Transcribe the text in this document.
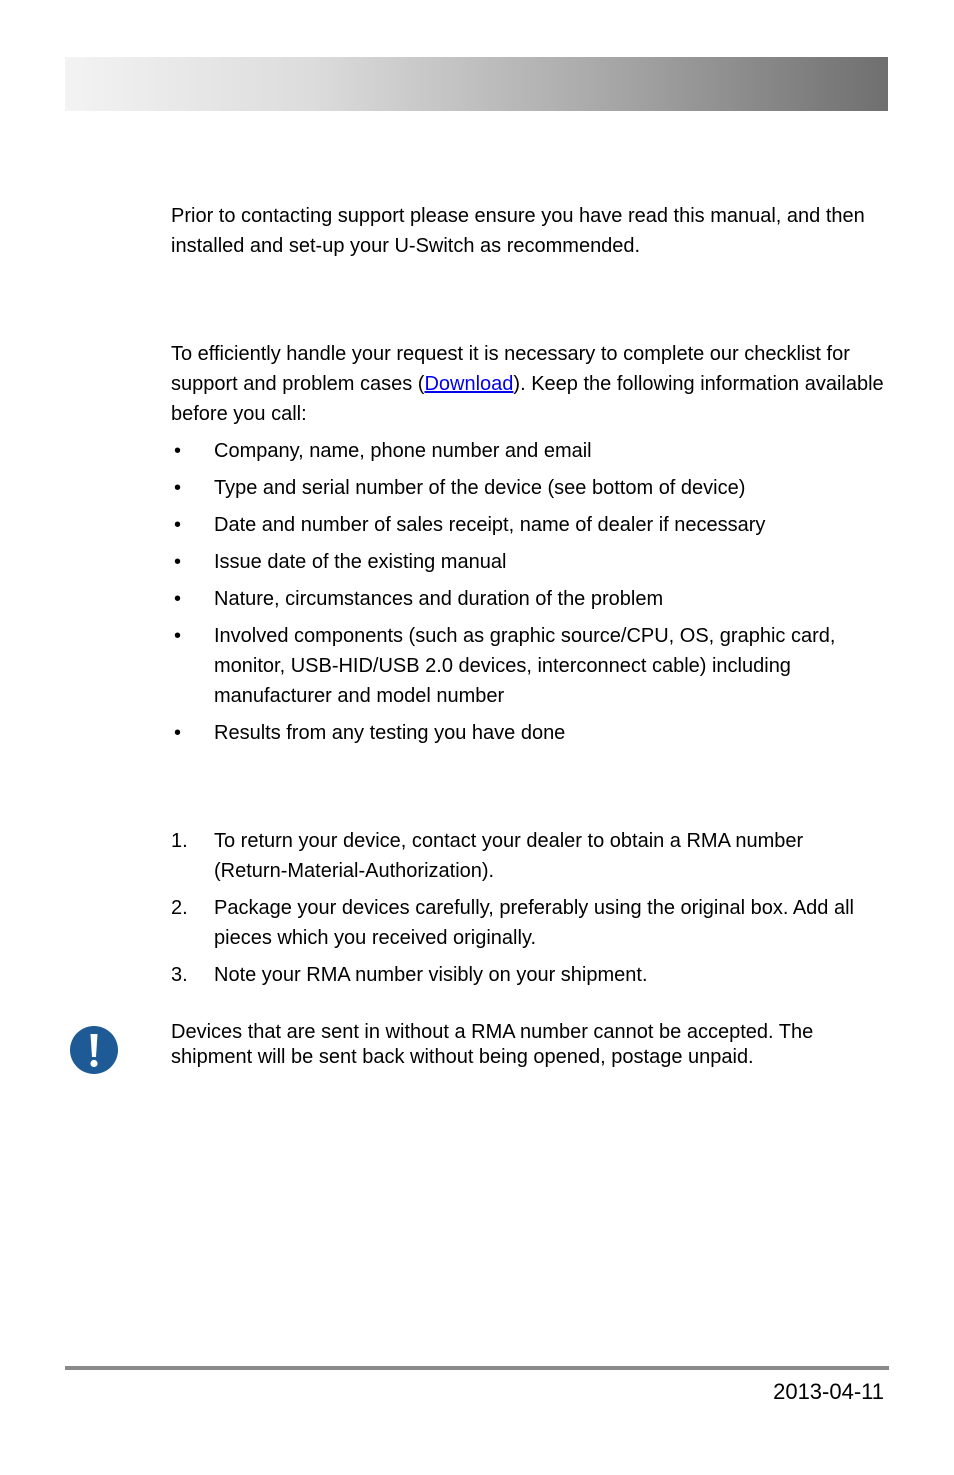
Prior to contacting support please ensure you have read this manual, and then installed and set-up your U-Switch as recommended.

To efficiently handle your request it is necessary to complete our checklist for support and problem cases (Download). Keep the following information available before you call:

•	Company, name, phone number and email
•	Type and serial number of the device (see bottom of device)
•	Date and number of sales receipt, name of dealer if necessary
•	Issue date of the existing manual
•	Nature, circumstances and duration of the problem
•	Involved components (such as graphic source/CPU, OS, graphic card, monitor, USB-HID/USB 2.0 devices, interconnect cable) including manufacturer and model number
•	Results from any testing you have done
1.	To return your device, contact your dealer to obtain a RMA number (Return-Material-Authorization).
2.	Package your devices carefully, preferably using the original box. Add all pieces which you received originally.
3.	Note your RMA number visibly on your shipment.

Devices that are sent in without a RMA number cannot be accepted. The shipment will be sent back without being opened, postage unpaid.

2013-04-11
